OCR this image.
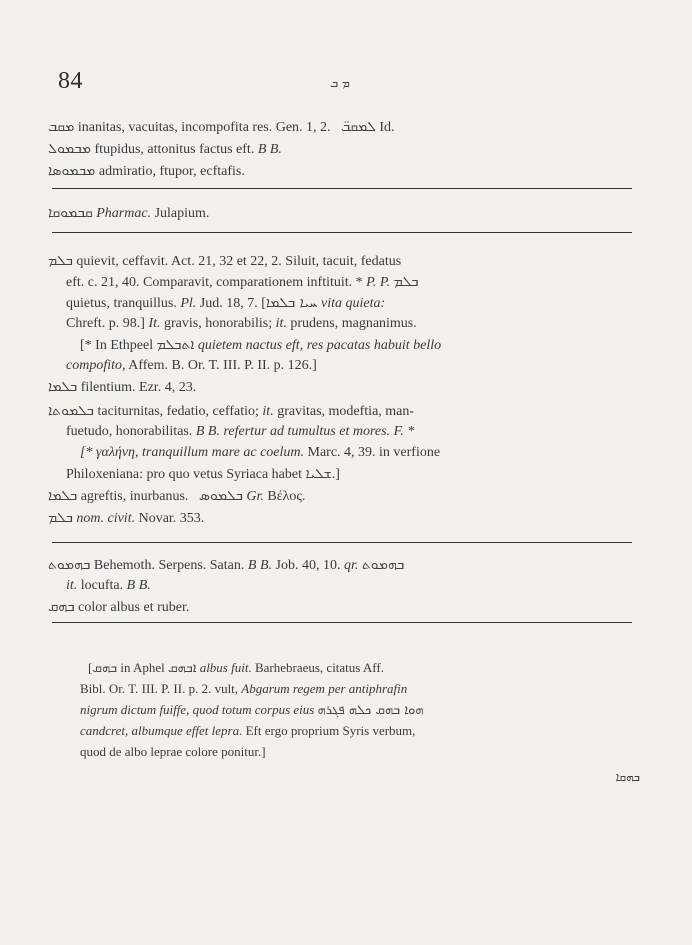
84	ܡ ܒ
ܡܩܒ inanitas, vacuitas, incompofita res. Gen. 1, 2. ܠܡܩܒ̈ Id.
ܡܒܡܘܠ ftupidus, attonitus factus eft. B B.
ܡܒܡܘܣܐ admiratio, ftupor, ecftafis.
ܩܒܡܘܩܐ Pharmac. Julapium.
ܒܠܡ quievit, ceffavit. Act. 21, 32 et 22, 2. Siluit, tacuit, fedatus
eft. c. 21, 40. Comparavit, comparationem inftituit. * P. P. ܒܠܡ
quietus, tranquillus. Pl. Jud. 18, 7. [ܚܝܐ ܒܠܡܐ vita quieta:
Chreft. p. 98.] It. gravis, honorabilis; it. prudens, magnanimus.
[* In Ethpeel ܐܬܒܠܡ quietem nactus eft, res pacatas habuit bello
compofito, Affem. B. Or. T. III. P. II. p. 126.]
ܒܠܡܐ filentium. Ezr. 4, 23.
ܒܠܡܘܬܐ taciturnitas, fedatio, ceffatio; it. gravitas, modeftia, man-
fuetudo, honorabilitas. B B. refertur ad tumultus et mores. F. *
[* γαλήνη, tranquillum mare ac coelum. Marc. 4, 39. in verfione
Philoxeniana: pro quo vetus Syriaca habet ܫܠܝܐ.]
ܒܠܡܐ agreftis, inurbanus. ܒܠܡܘܣ Gr. Βέλος.
ܒܠܡ nom. civit. Novar. 353.
ܒܗܡܘܬ Behemoth. Serpens. Satan. B B. Job. 40, 10. qr. ܒܗܡܘܬ
it. locufta. B B.
ܒܗܩ color albus et ruber.
[ܒܗܩ in Aphel ܐܒܗܩ albus fuit. Barhebraeus, citatus Aff.
Bibl. Or. T. III. P. II. p. 2. vult, Abgarum regem per antiphrafin
nigrum dictum fuiffe, quod totum corpus eius ܗܘܐ ܒܗܩ ܟܠܗ ܦܓܪܗ
candcret, albumque effet lepra. Eft ergo proprium Syris verbum,
quod de albo leprae colore ponitur.]
ܒܗܩܐ
